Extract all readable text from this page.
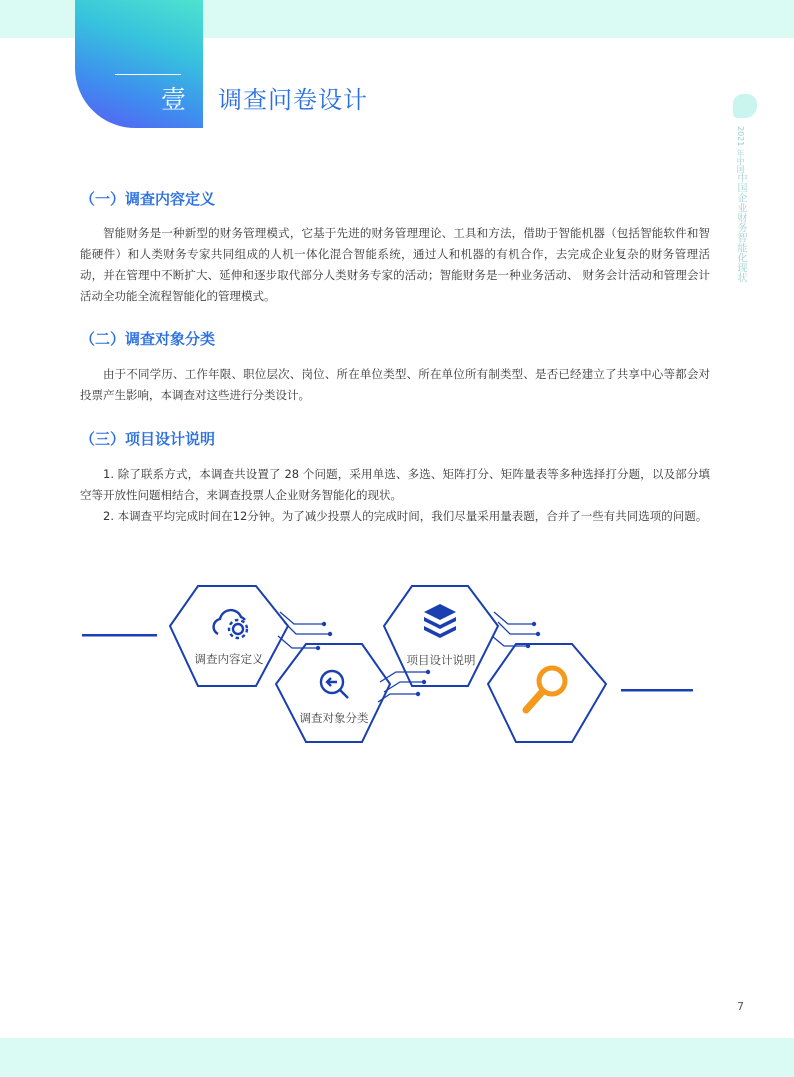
壹 调查问卷设计
2021 年中国中国企业财务智能化现状
（一）调查内容定义
智能财务是一种新型的财务管理模式，它基于先进的财务管理理论、工具和方法，借助于智能机器（包括智能软件和智能硬件）和人类财务专家共同组成的人机一体化混合智能系统，通过人和机器的有机合作，去完成企业复杂的财务管理活动，并在管理中不断扩大、延伸和逐步取代部分人类财务专家的活动；智能财务是一种业务活动、 财务会计活动和管理会计活动全功能全流程智能化的管理模式。
（二）调查对象分类
由于不同学历、工作年限、职位层次、岗位、所在单位类型、所在单位所有制类型、是否已经建立了共享中心等都会对投票产生影响，本调查对这些进行分类设计。
（三）项目设计说明
1. 除了联系方式，本调查共设置了 28 个问题，采用单选、多选、矩阵打分、矩阵量表等多种选择打分题，以及部分填空等开放性问题相结合，来调查投票人企业财务智能化的现状。
2. 本调查平均完成时间在12分钟。为了减少投票人的完成时间，我们尽量采用量表题，合并了一些有共同选项的问题。
调查内容定义
调查对象分类
项目设计说明
7
